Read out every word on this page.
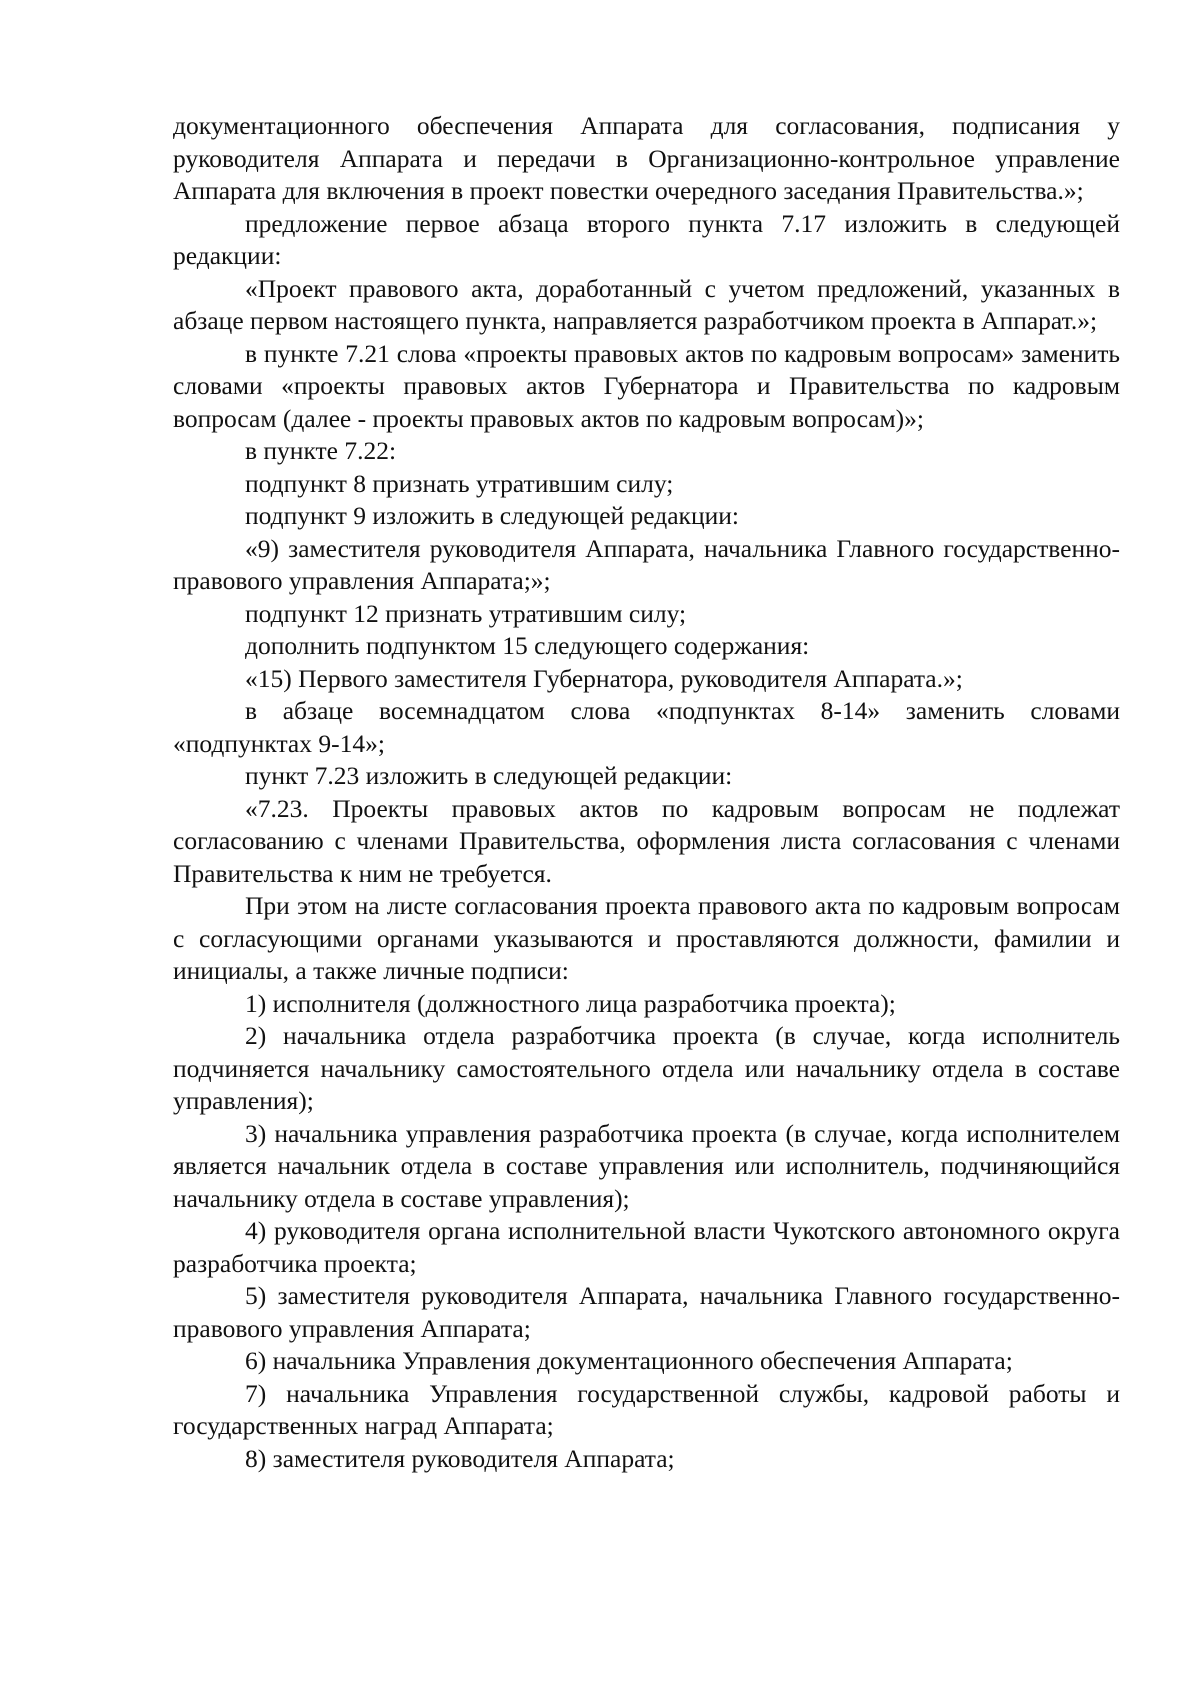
документационного обеспечения Аппарата для согласования, подписания у руководителя Аппарата и передачи в Организационно-контрольное управление Аппарата для включения в проект повестки очередного заседания Правительства.»;

предложение первое абзаца второго пункта 7.17 изложить в следующей редакции:

«Проект правового акта, доработанный с учетом предложений, указанных в абзаце первом настоящего пункта, направляется разработчиком проекта в Аппарат.»;

в пункте 7.21 слова «проекты правовых актов по кадровым вопросам» заменить словами «проекты правовых актов Губернатора и Правительства по кадровым вопросам (далее - проекты правовых актов по кадровым вопросам)»;

в пункте 7.22:

подпункт 8 признать утратившим силу;

подпункт 9 изложить в следующей редакции:

«9) заместителя руководителя Аппарата, начальника Главного государственно-правового управления Аппарата;»;

подпункт 12 признать утратившим силу;

дополнить подпунктом 15 следующего содержания:

«15) Первого заместителя Губернатора, руководителя Аппарата.»;

в абзаце восемнадцатом слова «подпунктах 8-14» заменить словами «подпунктах 9-14»;

пункт 7.23 изложить в следующей редакции:

«7.23. Проекты правовых актов по кадровым вопросам не подлежат согласованию с членами Правительства, оформления листа согласования с членами Правительства к ним не требуется.

При этом на листе согласования проекта правового акта по кадровым вопросам с согласующими органами указываются и проставляются должности, фамилии и инициалы, а также личные подписи:

1) исполнителя (должностного лица разработчика проекта);

2) начальника отдела разработчика проекта (в случае, когда исполнитель подчиняется начальнику самостоятельного отдела или начальнику отдела в составе управления);

3) начальника управления разработчика проекта (в случае, когда исполнителем является начальник отдела в составе управления или исполнитель, подчиняющийся начальнику отдела в составе управления);

4) руководителя органа исполнительной власти Чукотского автономного округа разработчика проекта;

5) заместителя руководителя Аппарата, начальника Главного государственно-правового управления Аппарата;

6) начальника Управления документационного обеспечения Аппарата;

7) начальника Управления государственной службы, кадровой работы и государственных наград Аппарата;

8) заместителя руководителя Аппарата;
